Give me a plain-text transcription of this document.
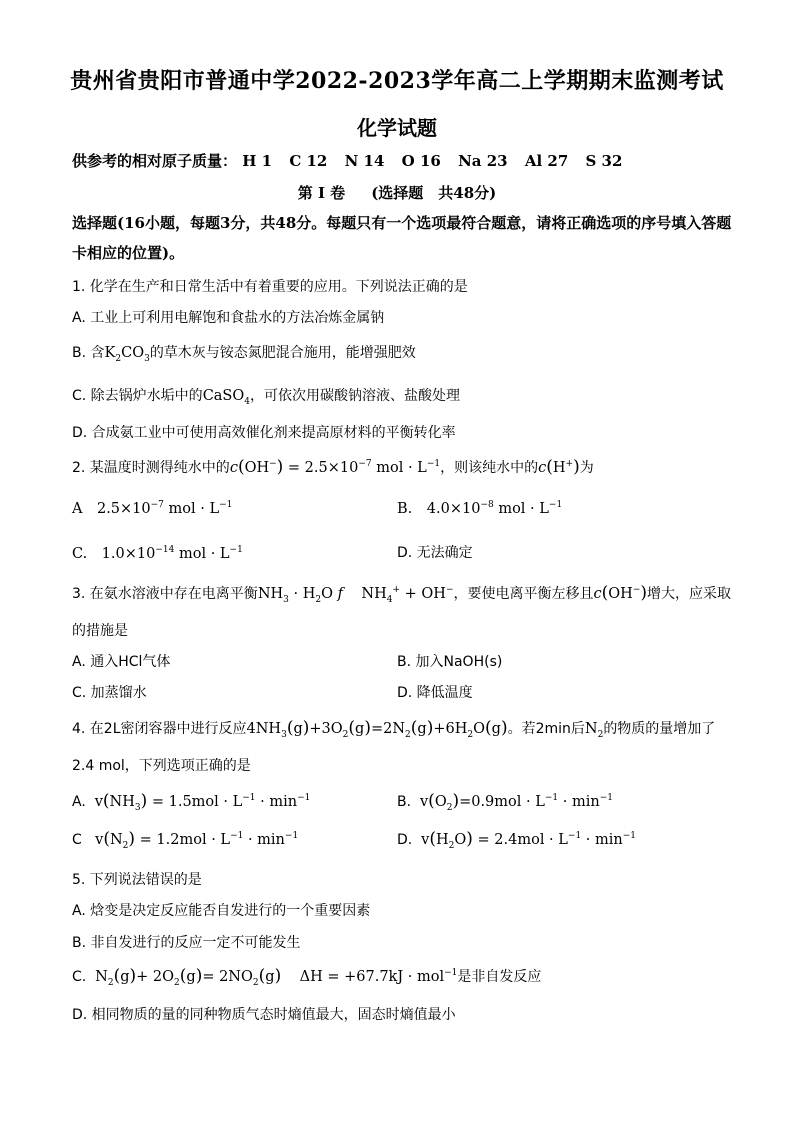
贵州省贵阳市普通中学2022-2023学年高二上学期期末监测考试
化学试题
供参考的相对原子质量： H 1 C 12 N 14 O 16 Na 23 Al 27 S 32
第 I 卷 (选择题　共48分)
选择题(16小题，每题3分，共48分。每题只有一个选项最符合题意，请将正确选项的序号填入答题卡相应的位置)。
1. 化学在生产和日常生活中有着重要的应用。下列说法正确的是
A. 工业上可利用电解饱和食盐水的方法冶炼金属钠
B. 含$K_2CO_3$的草木灰与铵态氮肥混合施用，能增强肥效
C. 除去锅炉水垢中的CaSO$_4$，可依次用碳酸钠溶液、盐酸处理
D. 合成氨工业中可使用高效催化剂来提高原材料的平衡转化率
2. 某温度时测得纯水中的$c(OH^-) = 2.5\times 10^{-7}$ mol · $L^{-1}$，则该纯水中的c(H+)为
A　$2.5\times 10^{-7}$ mol · $L^{-1}$	B.　$4.0\times 10^{-8}$ mol · $L^{-1}$
C.　$1.0\times 10^{-14}$ mol · $L^{-1}$	D. 无法确定
3. 在氨水溶液中存在电离平衡$NH_3 \cdot H_2O$ f    $NH_4^+ + OH^-$，要使电离平衡左移且c(OH−)增大，应采取
的措施是
A. 通入HCl气体	B. 加入NaOH(s)
C. 加蒸馏水	D. 降低温度
4. 在2L密闭容器中进行反应$4NH_3(g)+3O_2(g)=2N_2(g)+6H_2O(g)$。若2min后$N_2$的物质的量增加了
2.4 mol，下列选项正确的是
A. $v(NH_3) = 1.5mol \cdot L^{-1} \cdot \min^{-1}$	B. $v(O_2)=0.9mol \cdot L^{-1} \cdot \min^{-1}$
C $v(N_2) = 1.2mol \cdot L^{-1} \cdot \min^{-1}$	D. $v(H_2O) = 2.4mol \cdot L^{-1} \cdot \min^{-1}$
5. 下列说法错误的是
A. 焓变是决定反应能否自发进行的一个重要因素
B. 非自发进行的反应一定不可能发生
C. $N_2(g)+ 2O_2(g)= 2NO_2(g) \Delta H = +67.7kJ \cdot mol^{-1}$是非自发反应
D. 相同物质的量的同种物质气态时熵值最大，固态时熵值最小
